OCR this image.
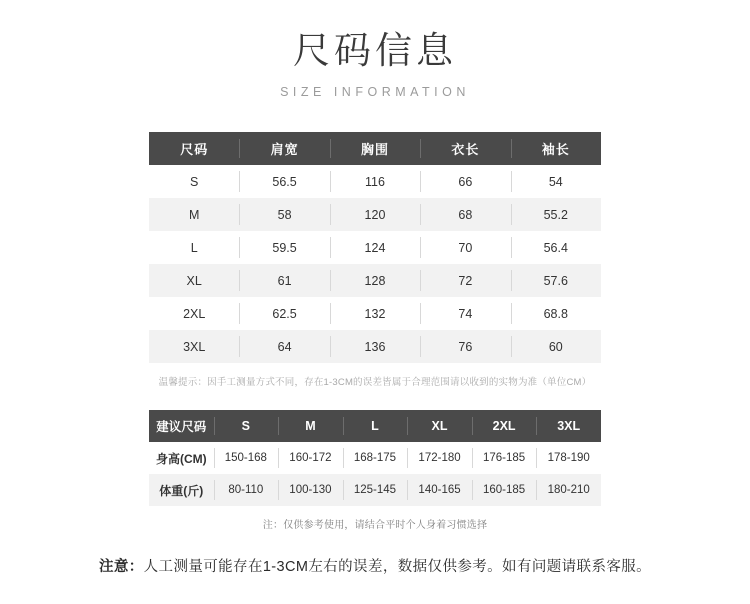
尺码信息
SIZE INFORMATION
尺码	肩宽	胸围	衣长	袖长
S	56.5	116	66	54
M	58	120	68	55.2
L	59.5	124	70	56.4
XL	61	128	72	57.6
2XL	62.5	132	74	68.8
3XL	64	136	76	60
温馨提示：因手工测量方式不同，存在1-3CM的误差皆属于合理范围请以收到的实物为准（单位CM）
建议尺码	S	M	L	XL	2XL	3XL
身高(CM)	150-168	160-172	168-175	172-180	176-185	178-190
体重(斤)	80-110	100-130	125-145	140-165	160-185	180-210
注：仅供参考使用，请结合平时个人身着习惯选择
注意：人工测量可能存在1-3CM左右的误差，数据仅供参考。如有问题请联系客服。
